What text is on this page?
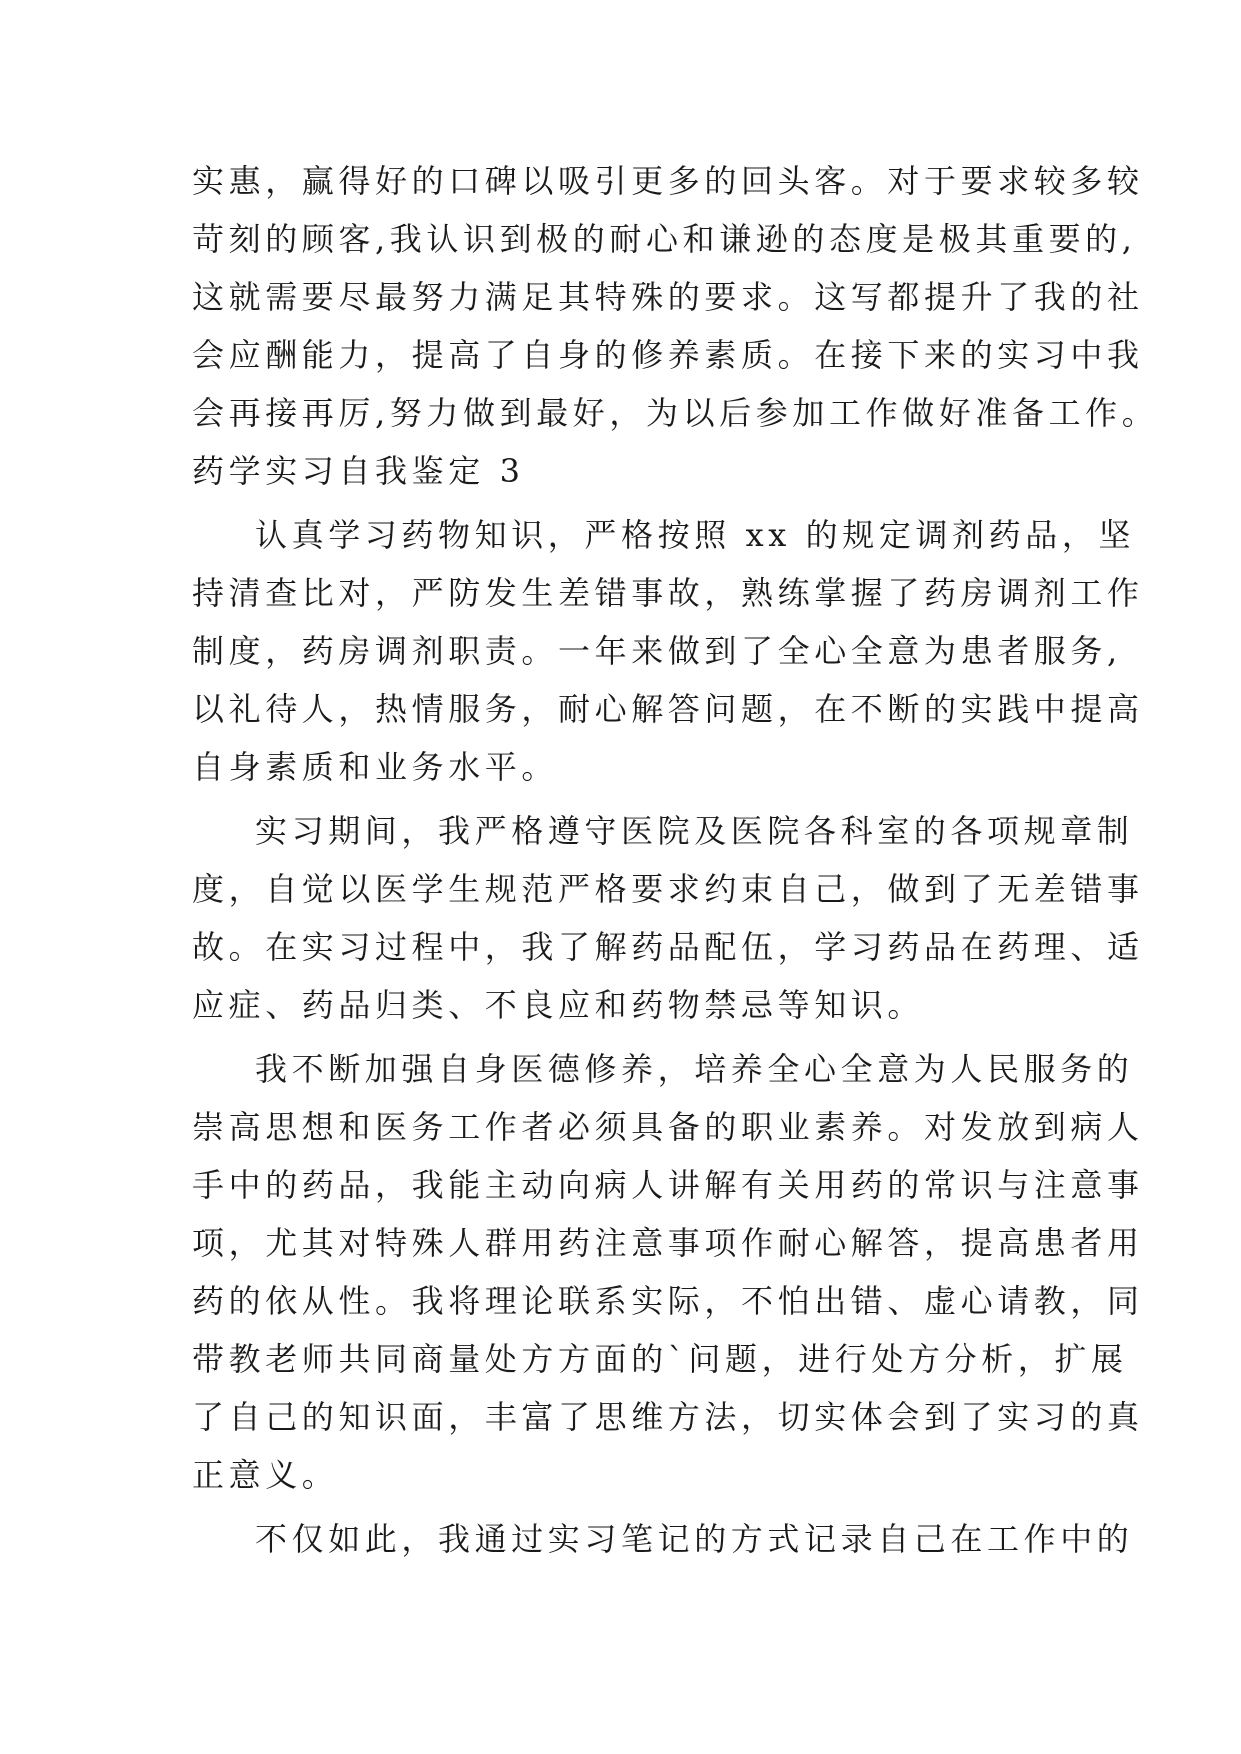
实惠，赢得好的口碑以吸引更多的回头客。对于要求较多较
苛刻的顾客,我认识到极的耐心和谦逊的态度是极其重要的,
这就需要尽最努力满足其特殊的要求。这写都提升了我的社
会应酬能力，提高了自身的修养素质。在接下来的实习中我
会再接再厉,努力做到最好，为以后参加工作做好准备工作。
药学实习自我鉴定 3
认真学习药物知识，严格按照 xx 的规定调剂药品，坚
持清查比对，严防发生差错事故，熟练掌握了药房调剂工作
制度，药房调剂职责。一年来做到了全心全意为患者服务,
以礼待人，热情服务，耐心解答问题，在不断的实践中提高
自身素质和业务水平。
实习期间，我严格遵守医院及医院各科室的各项规章制
度，自觉以医学生规范严格要求约束自己，做到了无差错事
故。在实习过程中，我了解药品配伍，学习药品在药理、适
应症、药品归类、不良应和药物禁忌等知识。
我不断加强自身医德修养，培养全心全意为人民服务的
崇高思想和医务工作者必须具备的职业素养。对发放到病人
手中的药品，我能主动向病人讲解有关用药的常识与注意事
项，尤其对特殊人群用药注意事项作耐心解答，提高患者用
药的依从性。我将理论联系实际，不怕出错、虚心请教，同
带教老师共同商量处方方面的`问题，进行处方分析，扩展
了自己的知识面，丰富了思维方法，切实体会到了实习的真
正意义。
不仅如此，我通过实习笔记的方式记录自己在工作中的
